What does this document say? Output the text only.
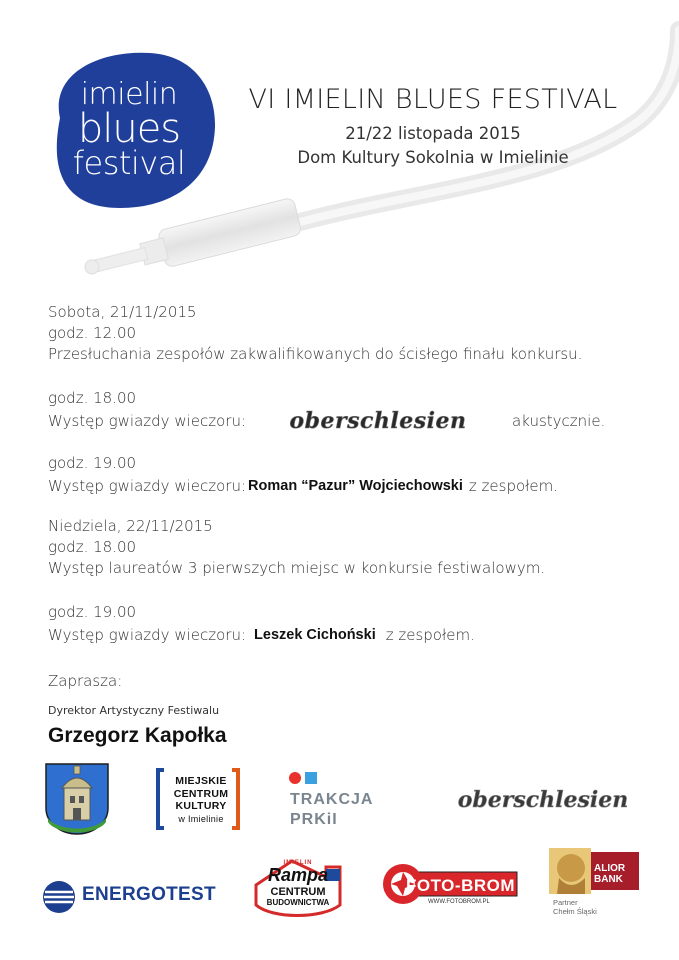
imielin
blues
festival
VI IMIELIN BLUES FESTIVAL
21/22 listopada 2015
Dom Kultury Sokolnia w Imielinie
Sobota, 21/11/2015
godz. 12.00
Przesłuchania zespołów zakwalifikowanych do ścisłego finału konkursu.
godz. 18.00
Występ gwiazdy wieczoru: oberschlesien	akustycznie.
godz. 19.00
Występ gwiazdy wieczoru: Roman “Pazur” Wojciechowski z zespołem.
Niedziela, 22/11/2015
godz. 18.00
Występ laureatów 3 pierwszych miejsc w konkursie festiwalowym.
godz. 19.00
Występ gwiazdy wieczoru: Leszek Cichoński z zespołem.
Zaprasza:
Dyrektor Artystyczny Festiwalu
Grzegorz Kapołka
MIEJSKIE
CENTRUM
KULTURY
w Imielinie
TRAKCJA
PRKiI
oberschlesien
ENERGOTEST
IMIELIN
Rampa
CENTRUM
BUDOWNICTWA
FOTO-BROM
WWW.FOTOBROM.PL
ALIOR
BANK
Partner
Chełm Śląski
